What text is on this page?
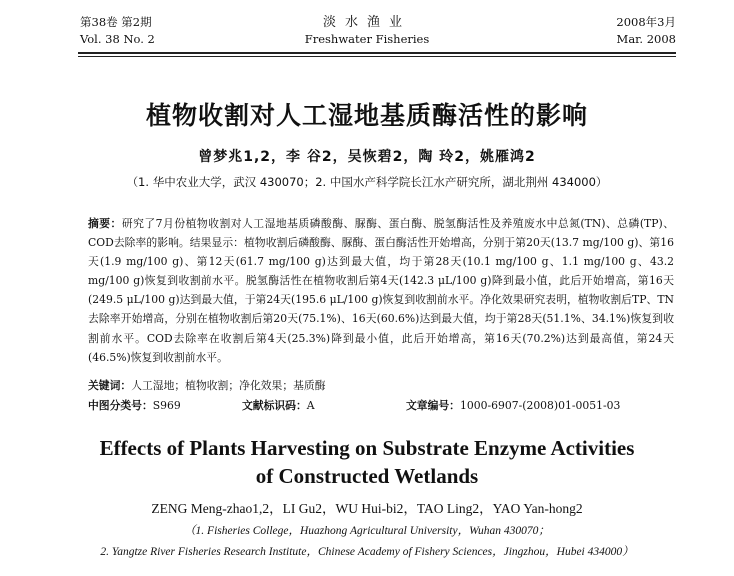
第38卷 第2期
Vol. 38 No. 2
淡水渔业
Freshwater Fisheries
2008年3月
Mar. 2008
植物收割对人工湿地基质酶活性的影响
曾梦兆1,2，李 谷2，吴恢碧2，陶 玲2，姚雁鸿2
（1. 华中农业大学，武汉 430070；2. 中国水产科学院长江水产研究所，湖北荆州 434000）
摘要：研究了7月份植物收割对人工湿地基质磷酸酶、脲酶、蛋白酶、脱氢酶活性及养殖废水中总氮(TN)、总磷(TP)、COD去除率的影响。结果显示：植物收割后磷酸酶、脲酶、蛋白酶活性开始增高，分别于第20天(13.7 mg/100 g)、第16天(1.9 mg/100 g)、第12天(61.7 mg/100 g)达到最大值，均于第28天(10.1 mg/100 g、1.1 mg/100 g、43.2 mg/100 g)恢复到收割前水平。脱氢酶活性在植物收割后第4天(142.3 μL/100 g)降到最小值，此后开始增高，第16天(249.5 μL/100 g)达到最大值，于第24天(195.6 μL/100 g)恢复到收割前水平。净化效果研究表明，植物收割后TP、TN去除率开始增高，分别在植物收割后第20天(75.1%)、16天(60.6%)达到最大值，均于第28天(51.1%、34.1%)恢复到收割前水平。COD去除率在收割后第4天(25.3%)降到最小值，此后开始增高，第16天(70.2%)达到最高值，第24天(46.5%)恢复到收割前水平。
关键词：人工湿地；植物收割；净化效果；基质酶
中图分类号：S969	文献标识码：A	文章编号：1000-6907-(2008)01-0051-03
Effects of Plants Harvesting on Substrate Enzyme Activities
of Constructed Wetlands
ZENG Meng-zhao1,2，LI Gu2，WU Hui-bi2，TAO Ling2，YAO Yan-hong2
（1. Fisheries College，Huazhong Agricultural University，Wuhan 430070；
2. Yangtze River Fisheries Research Institute，Chinese Academy of Fishery Sciences，Jingzhou，Hubei 434000）
